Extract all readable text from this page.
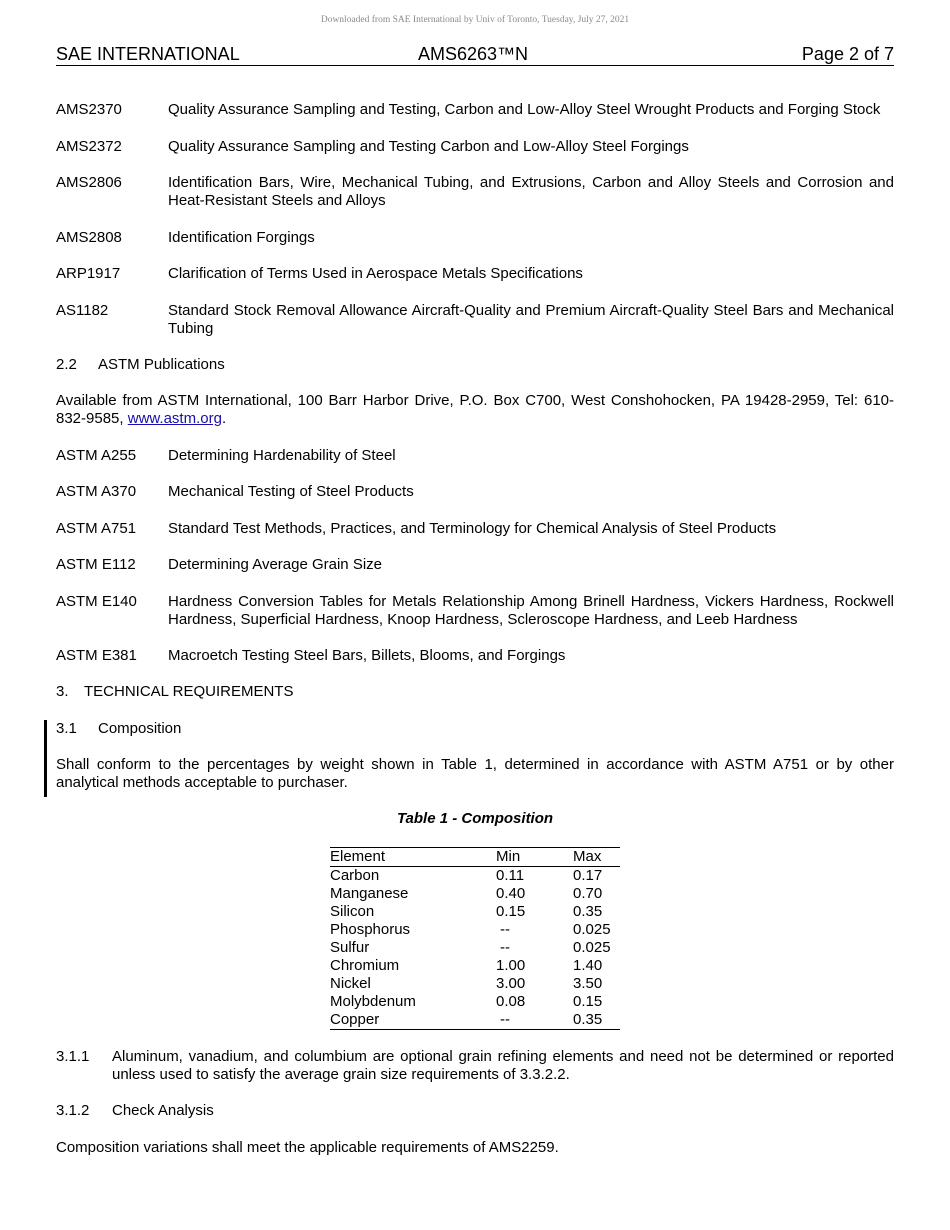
Downloaded from SAE International by Univ of Toronto, Tuesday, July 27, 2021
SAE INTERNATIONAL	AMS6263™N	Page 2 of 7
AMS2370	Quality Assurance Sampling and Testing, Carbon and Low-Alloy Steel Wrought Products and Forging Stock
AMS2372	Quality Assurance Sampling and Testing Carbon and Low-Alloy Steel Forgings
AMS2806	Identification Bars, Wire, Mechanical Tubing, and Extrusions, Carbon and Alloy Steels and Corrosion and Heat-Resistant Steels and Alloys
AMS2808	Identification Forgings
ARP1917	Clarification of Terms Used in Aerospace Metals Specifications
AS1182	Standard Stock Removal Allowance Aircraft-Quality and Premium Aircraft-Quality Steel Bars and Mechanical Tubing
2.2 ASTM Publications
Available from ASTM International, 100 Barr Harbor Drive, P.O. Box C700, West Conshohocken, PA 19428-2959, Tel: 610-832-9585, www.astm.org.
ASTM A255 Determining Hardenability of Steel
ASTM A370 Mechanical Testing of Steel Products
ASTM A751 Standard Test Methods, Practices, and Terminology for Chemical Analysis of Steel Products
ASTM E112 Determining Average Grain Size
ASTM E140 Hardness Conversion Tables for Metals Relationship Among Brinell Hardness, Vickers Hardness, Rockwell Hardness, Superficial Hardness, Knoop Hardness, Scleroscope Hardness, and Leeb Hardness
ASTM E381 Macroetch Testing Steel Bars, Billets, Blooms, and Forgings
3. TECHNICAL REQUIREMENTS
3.1 Composition
Shall conform to the percentages by weight shown in Table 1, determined in accordance with ASTM A751 or by other analytical methods acceptable to purchaser.
Table 1 - Composition
Element	Min	Max
Carbon	0.11	0.17
Manganese	0.40	0.70
Silicon	0.15	0.35
Phosphorus	--	0.025
Sulfur	--	0.025
Chromium	1.00	1.40
Nickel	3.00	3.50
Molybdenum	0.08	0.15
Copper	--	0.35
3.1.1 Aluminum, vanadium, and columbium are optional grain refining elements and need not be determined or reported unless used to satisfy the average grain size requirements of 3.3.2.2.
3.1.2 Check Analysis
Composition variations shall meet the applicable requirements of AMS2259.
